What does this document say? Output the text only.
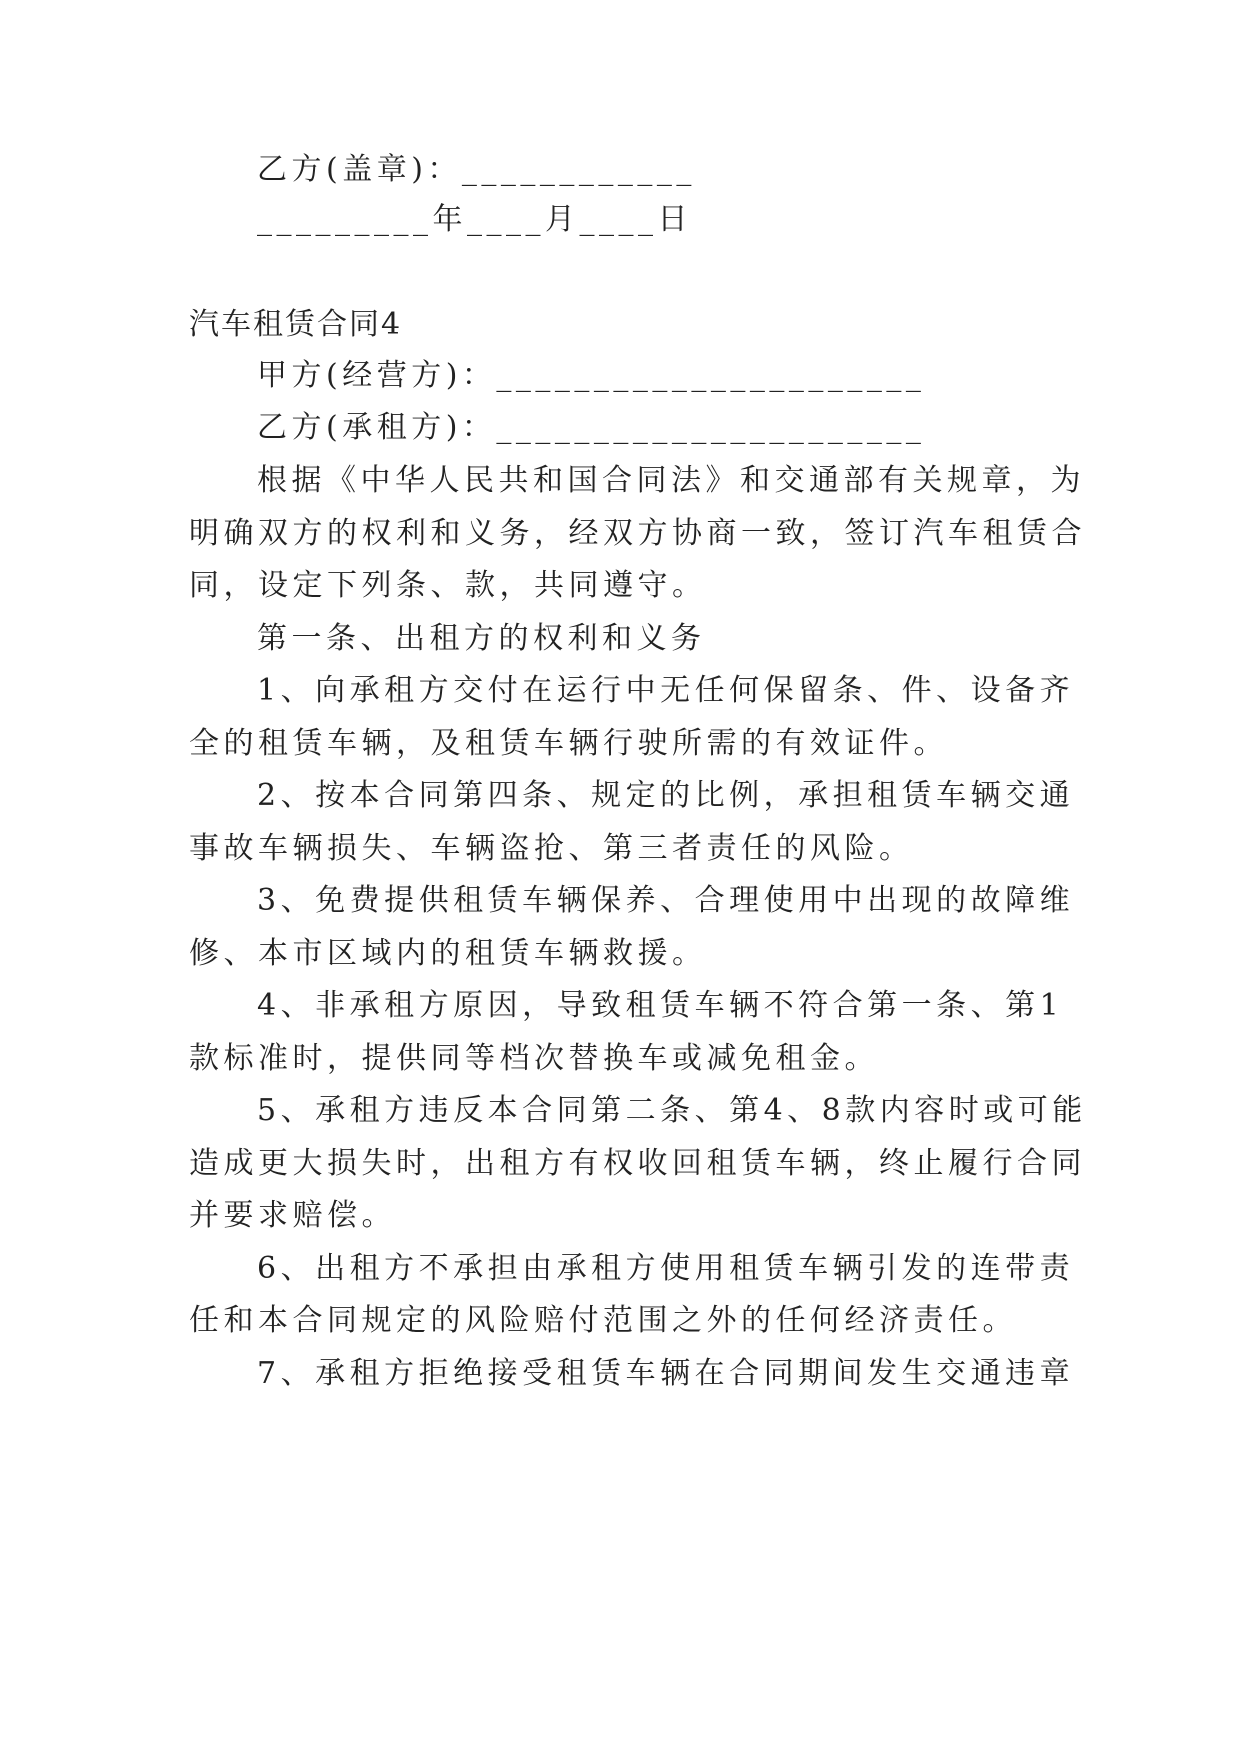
乙方(盖章)：____________
_________年____月____日
汽车租赁合同4
甲方(经营方)：______________________
乙方(承租方)：______________________
根据《中华人民共和国合同法》和交通部有关规章，为
明确双方的权利和义务，经双方协商一致，签订汽车租赁合
同，设定下列条、款，共同遵守。
第一条、出租方的权利和义务
1、向承租方交付在运行中无任何保留条、件、设备齐
全的租赁车辆，及租赁车辆行驶所需的有效证件。
2、按本合同第四条、规定的比例，承担租赁车辆交通
事故车辆损失、车辆盗抢、第三者责任的风险。
3、免费提供租赁车辆保养、合理使用中出现的故障维
修、本市区域内的租赁车辆救援。
4、非承租方原因，导致租赁车辆不符合第一条、第1
款标准时，提供同等档次替换车或减免租金。
5、承租方违反本合同第二条、第4、8款内容时或可能
造成更大损失时，出租方有权收回租赁车辆，终止履行合同
并要求赔偿。
6、出租方不承担由承租方使用租赁车辆引发的连带责
任和本合同规定的风险赔付范围之外的任何经济责任。
7、承租方拒绝接受租赁车辆在合同期间发生交通违章
